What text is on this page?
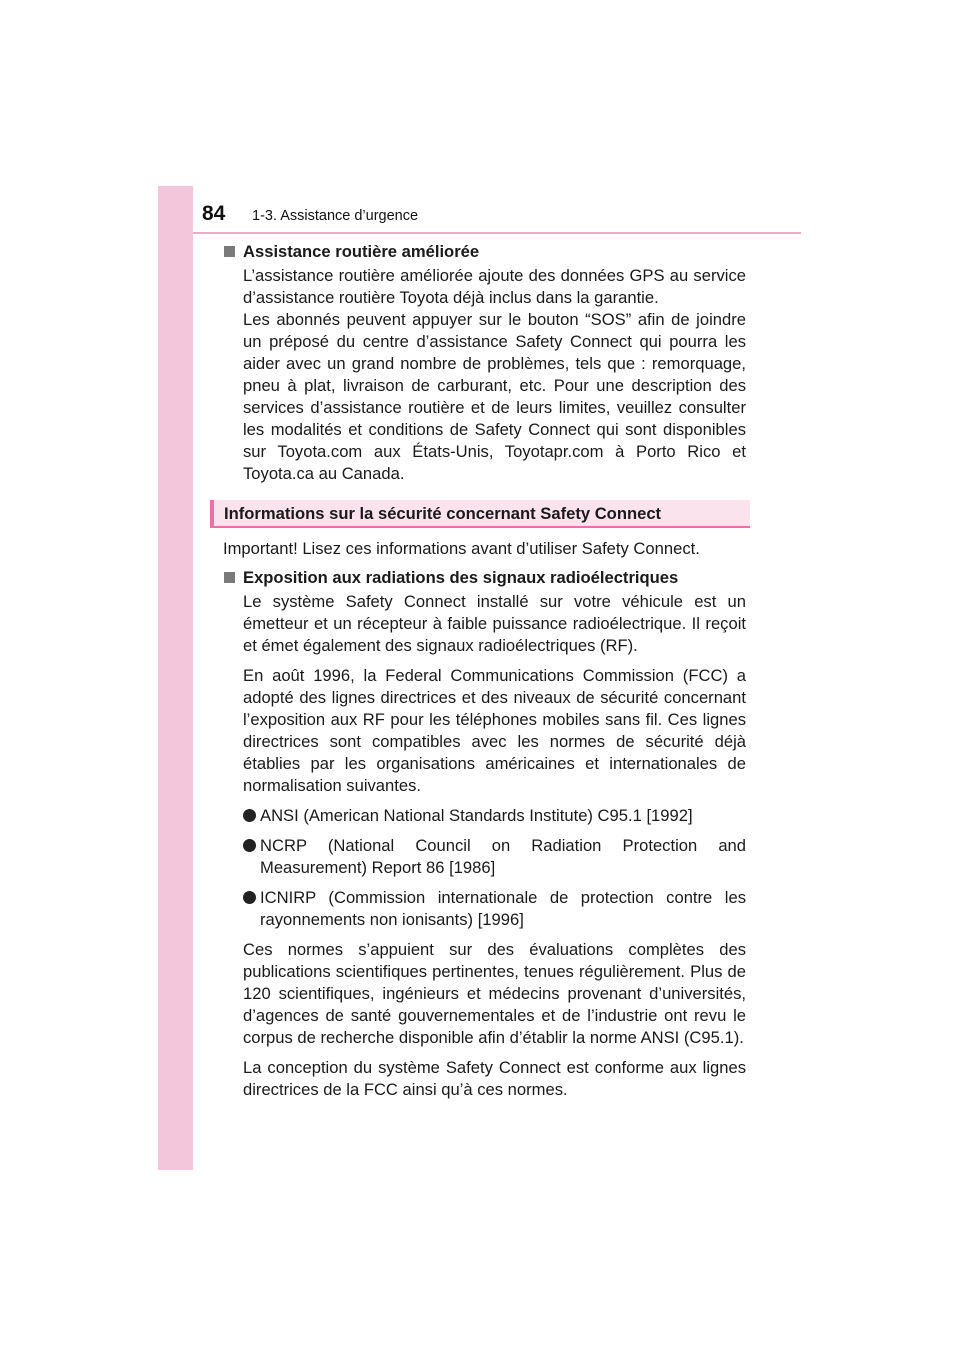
84 1-3. Assistance d’urgence
Assistance routière améliorée
L’assistance routière améliorée ajoute des données GPS au service d’assistance routière Toyota déjà inclus dans la garantie.
Les abonnés peuvent appuyer sur le bouton “SOS” afin de joindre un préposé du centre d’assistance Safety Connect qui pourra les aider avec un grand nombre de problèmes, tels que : remorquage, pneu à plat, livraison de carburant, etc. Pour une description des services d’assistance routière et de leurs limites, veuillez consulter les modalités et conditions de Safety Connect qui sont disponibles sur Toyota.com aux États-Unis, Toyotapr.com à Porto Rico et Toyota.ca au Canada.
Informations sur la sécurité concernant Safety Connect
Important! Lisez ces informations avant d’utiliser Safety Connect.
Exposition aux radiations des signaux radioélectriques
Le système Safety Connect installé sur votre véhicule est un émetteur et un récepteur à faible puissance radioélectrique. Il reçoit et émet également des signaux radioélectriques (RF).
En août 1996, la Federal Communications Commission (FCC) a adopté des lignes directrices et des niveaux de sécurité concernant l’exposition aux RF pour les téléphones mobiles sans fil. Ces lignes directrices sont compatibles avec les normes de sécurité déjà établies par les organisations américaines et internationales de normalisation suivantes.
ANSI (American National Standards Institute) C95.1 [1992]
NCRP (National Council on Radiation Protection and Measurement) Report 86 [1986]
ICNIRP (Commission internationale de protection contre les rayonnements non ionisants) [1996]
Ces normes s’appuient sur des évaluations complètes des publications scientifiques pertinentes, tenues régulièrement. Plus de 120 scientifiques, ingénieurs et médecins provenant d’universités, d’agences de santé gouvernementales et de l’industrie ont revu le corpus de recherche disponible afin d’établir la norme ANSI (C95.1).
La conception du système Safety Connect est conforme aux lignes directrices de la FCC ainsi qu’à ces normes.
